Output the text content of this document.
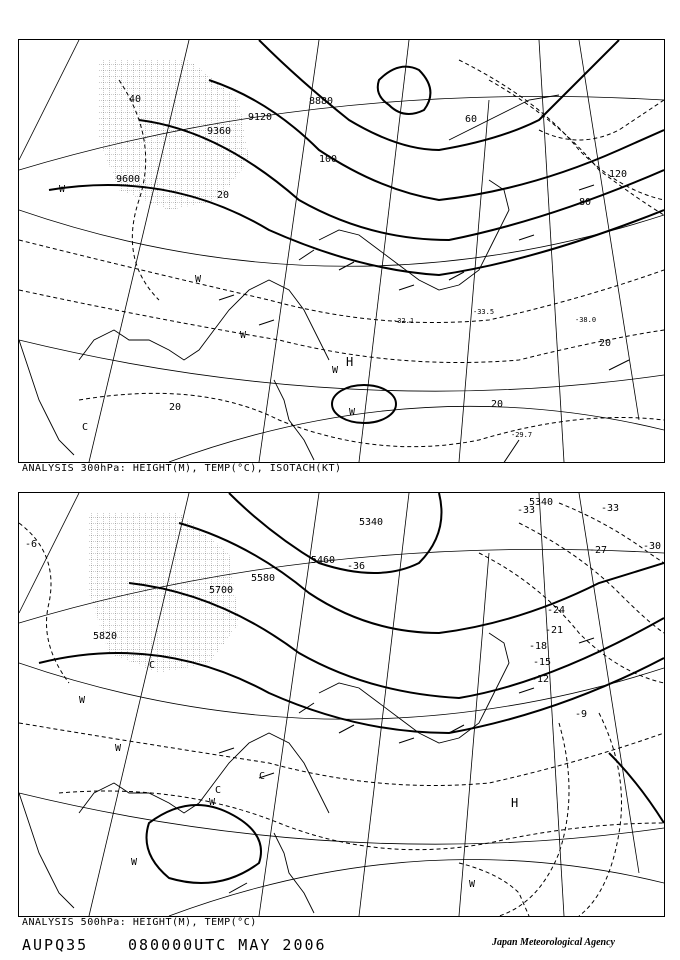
9600
9360
9120
8880
20
40
60
80
100
120
20
20	20
-29.7
-33.5
-32.1	-38.0
H
W
W
W
W
W
C
ANALYSIS 300hPa: HEIGHT(M), TEMP(°C), ISOTACH(KT)
5820
5700
5580
5460
5340
5340
-33
-30
-27
-24
-21
-18
-15
-12
-9
-6
-36
-33
H
W
W
W
W
W
C
C
C
ANALYSIS 500hPa: HEIGHT(M), TEMP(°C)
AUPQ35	080000UTC MAY 2006	Japan Meteorological Agency
